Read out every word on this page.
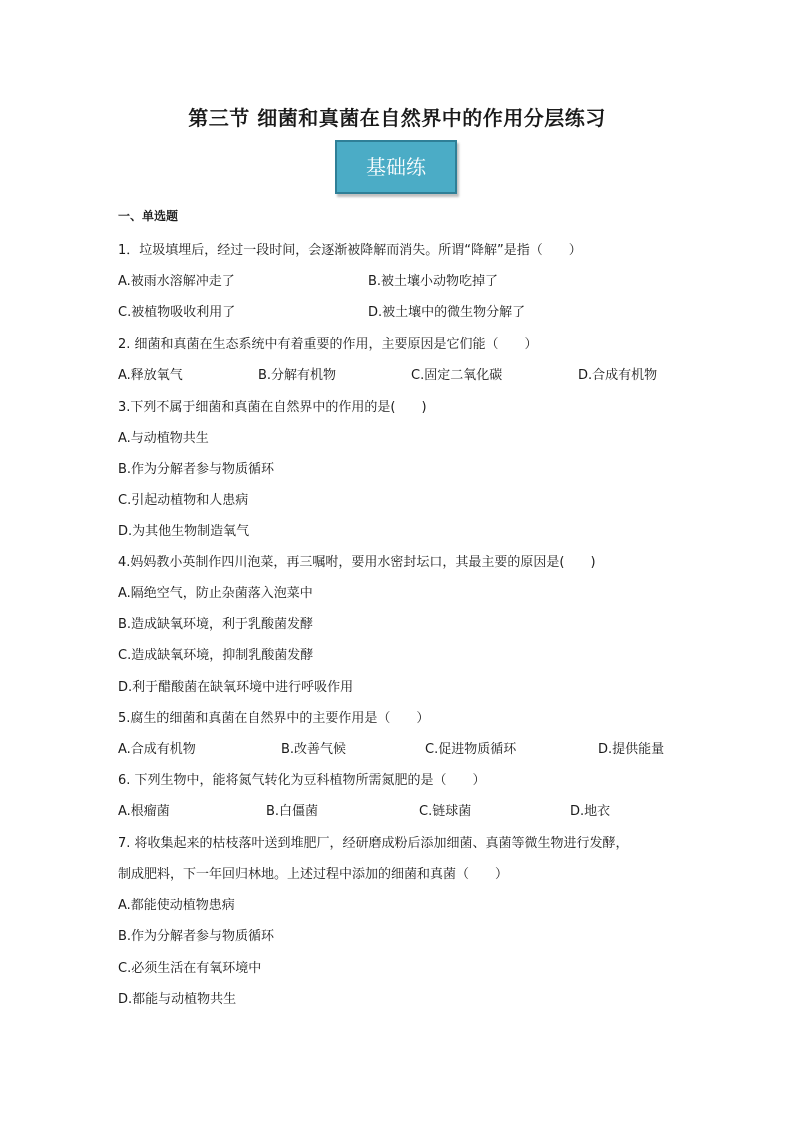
第三节 细菌和真菌在自然界中的作用分层练习
基础练
一、单选题
1．垃圾填埋后，经过一段时间，会逐渐被降解而消失。所谓“降解”是指（　　）
A.被雨水溶解冲走了	B.被土壤小动物吃掉了
C.被植物吸收利用了	D.被土壤中的微生物分解了
2. 细菌和真菌在生态系统中有着重要的作用，主要原因是它们能（　　）
A.释放氧气	B.分解有机物	C.固定二氧化碳	D.合成有机物
3.下列不属于细菌和真菌在自然界中的作用的是(　　)
A.与动植物共生
B.作为分解者参与物质循环
C.引起动植物和人患病
D.为其他生物制造氧气
4.妈妈教小英制作四川泡菜，再三嘱咐，要用水密封坛口，其最主要的原因是(　　)
A.隔绝空气，防止杂菌落入泡菜中
B.造成缺氧环境，利于乳酸菌发酵
C.造成缺氧环境，抑制乳酸菌发酵
D.利于醋酸菌在缺氧环境中进行呼吸作用
5.腐生的细菌和真菌在自然界中的主要作用是（　　）
A.合成有机物	B.改善气候	C.促进物质循环	D.提供能量
6. 下列生物中，能将氮气转化为豆科植物所需氮肥的是（　　）
A.根瘤菌	B.白僵菌	C.链球菌	D.地衣
7. 将收集起来的枯枝落叶送到堆肥厂，经研磨成粉后添加细菌、真菌等微生物进行发酵，
制成肥料，下一年回归林地。上述过程中添加的细菌和真菌（　　）
A.都能使动植物患病
B.作为分解者参与物质循环
C.必须生活在有氧环境中
D.都能与动植物共生
